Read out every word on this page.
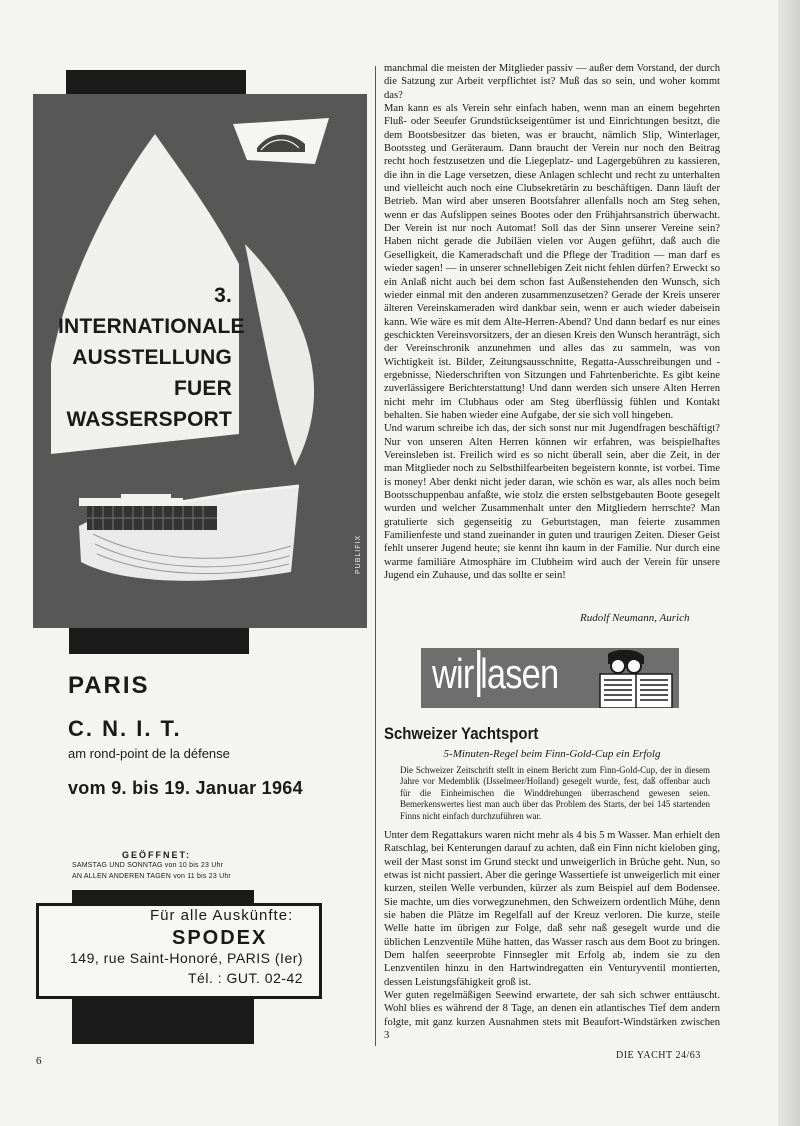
3.
INTERNATIONALE
AUSSTELLUNG
FUER
WASSERSPORT
PUBLIFIX
PARIS
C. N. I. T.
am rond-point de la défense
vom 9. bis 19. Januar 1964
GEÖFFNET:
SAMSTAG UND SONNTAG von 10 bis 23 Uhr
AN ALLEN ANDEREN TAGEN von 11 bis 23 Uhr
Für alle Auskünfte:
SPODEX
149, rue Saint-Honoré, PARIS (Ier)
Tél. : GUT. 02-42

manchmal die meisten der Mitglieder passiv — außer dem Vorstand, der durch die Satzung zur Arbeit verpflichtet ist? Muß das so sein, und woher kommt das?

Man kann es als Verein sehr einfach haben, wenn man an einem begehrten Fluß- oder Seeufer Grundstückseigentümer ist und Einrichtungen besitzt, die dem Bootsbesitzer das bieten, was er braucht, nämlich Slip, Winterlager, Bootssteg und Geräteraum. Dann braucht der Verein nur noch den Beitrag recht hoch festzusetzen und die Liegeplatz- und Lagergebühren zu kassieren, die ihn in die Lage versetzen, diese Anlagen schlecht und recht zu unterhalten und vielleicht auch noch eine Clubsekretärin zu beschäftigen. Dann läuft der Betrieb. Man wird aber unseren Bootsfahrer allenfalls noch am Steg sehen, wenn er das Aufslippen seines Bootes oder den Frühjahrsanstrich überwacht. Der Verein ist nur noch Automat! Soll das der Sinn unserer Vereine sein? Haben nicht gerade die Jubiläen vielen vor Augen geführt, daß auch die Geselligkeit, die Kameradschaft und die Pflege der Tradition — man darf es wieder sagen! — in unserer schnellebigen Zeit nicht fehlen dürfen? Erweckt so ein Anlaß nicht auch bei dem schon fast Außenstehenden den Wunsch, sich wieder einmal mit den anderen zusammenzusetzen? Gerade der Kreis unserer älteren Vereinskameraden wird dankbar sein, wenn er auch wieder dabeisein kann. Wie wäre es mit dem Alte-Herren-Abend? Und dann bedarf es nur eines geschickten Vereinsvorsitzers, der an diesen Kreis den Wunsch heranträgt, sich der Vereinschronik anzunehmen und alles das zu sammeln, was von Wichtigkeit ist. Bilder, Zeitungsausschnitte, Regatta-Ausschreibungen und -ergebnisse, Niederschriften von Sitzungen und Fahrtenberichte. Es gibt keine zuverlässigere Berichterstattung! Und dann werden sich unsere Alten Herren nicht mehr im Clubhaus oder am Steg überflüssig fühlen und Kontakt behalten. Sie haben wieder eine Aufgabe, der sie sich voll hingeben.

Und warum schreibe ich das, der sich sonst nur mit Jugendfragen beschäftigt? Nur von unseren Alten Herren können wir erfahren, was beispielhaftes Vereinsleben ist. Freilich wird es so nicht überall sein, aber die Zeit, in der man Mitglieder noch zu Selbsthilfearbeiten begeistern konnte, ist vorbei. Time is money! Aber denkt nicht jeder daran, wie schön es war, als alles noch beim Bootsschuppenbau anfaßte, wie stolz die ersten selbstgebauten Boote gesegelt wurden und welcher Zusammenhalt unter den Mitgliedern herrschte? Man gratulierte sich gegenseitig zu Geburtstagen, man feierte zusammen Familienfeste und stand zueinander in guten und traurigen Zeiten. Dieser Geist fehlt unserer Jugend heute; sie kennt ihn kaum in der Familie. Nur durch eine warme familiäre Atmosphäre im Clubheim wird auch der Verein für unsere Jugend ein Zuhause, und das sollte er sein!

Rudolf Neumann, Aurich
wir lasen
Schweizer Yachtsport
5-Minuten-Regel beim Finn-Gold-Cup ein Erfolg
Die Schweizer Zeitschrift stellt in einem Bericht zum Finn-Gold-Cup, der in diesem Jahre vor Medemblik (IJsselmeer/Holland) gesegelt wurde, fest, daß offenbar auch für die Einheimischen die Winddrehungen überraschend gewesen seien. Bemerkenswertes liest man auch über das Problem des Starts, der bei 145 startenden Finns nicht einfach durchzuführen war.

Unter dem Regattakurs waren nicht mehr als 4 bis 5 m Wasser. Man erhielt den Ratschlag, bei Kenterungen darauf zu achten, daß ein Finn nicht kieloben ging, weil der Mast sonst im Grund steckt und unweigerlich in Brüche geht. Nun, so etwas ist nicht passiert. Aber die geringe Wassertiefe ist unweigerlich mit einer kurzen, steilen Welle verbunden, kürzer als zum Beispiel auf dem Bodensee. Sie machte, um dies vorwegzunehmen, den Schweizern ordentlich Mühe, denn sie haben die Plätze im Regelfall auf der Kreuz verloren. Die kurze, steile Welle hatte im übrigen zur Folge, daß sehr naß gesegelt wurde und die üblichen Lenzventile Mühe hatten, das Wasser rasch aus dem Boot zu bringen. Dem halfen seeerprobte Finnsegler mit Erfolg ab, indem sie zu den Lenzventilen hinzu in den Hartwindregatten ein Venturyventil montierten, dessen Leistungsfähigkeit groß ist.

Wer guten regelmäßigen Seewind erwartete, der sah sich schwer enttäuscht. Wohl blies es während der 8 Tage, an denen ein atlantisches Tief dem andern folgte, mit ganz kurzen Ausnahmen stets mit Beaufort-Windstärken zwischen 3

6	DIE YACHT 24/63
